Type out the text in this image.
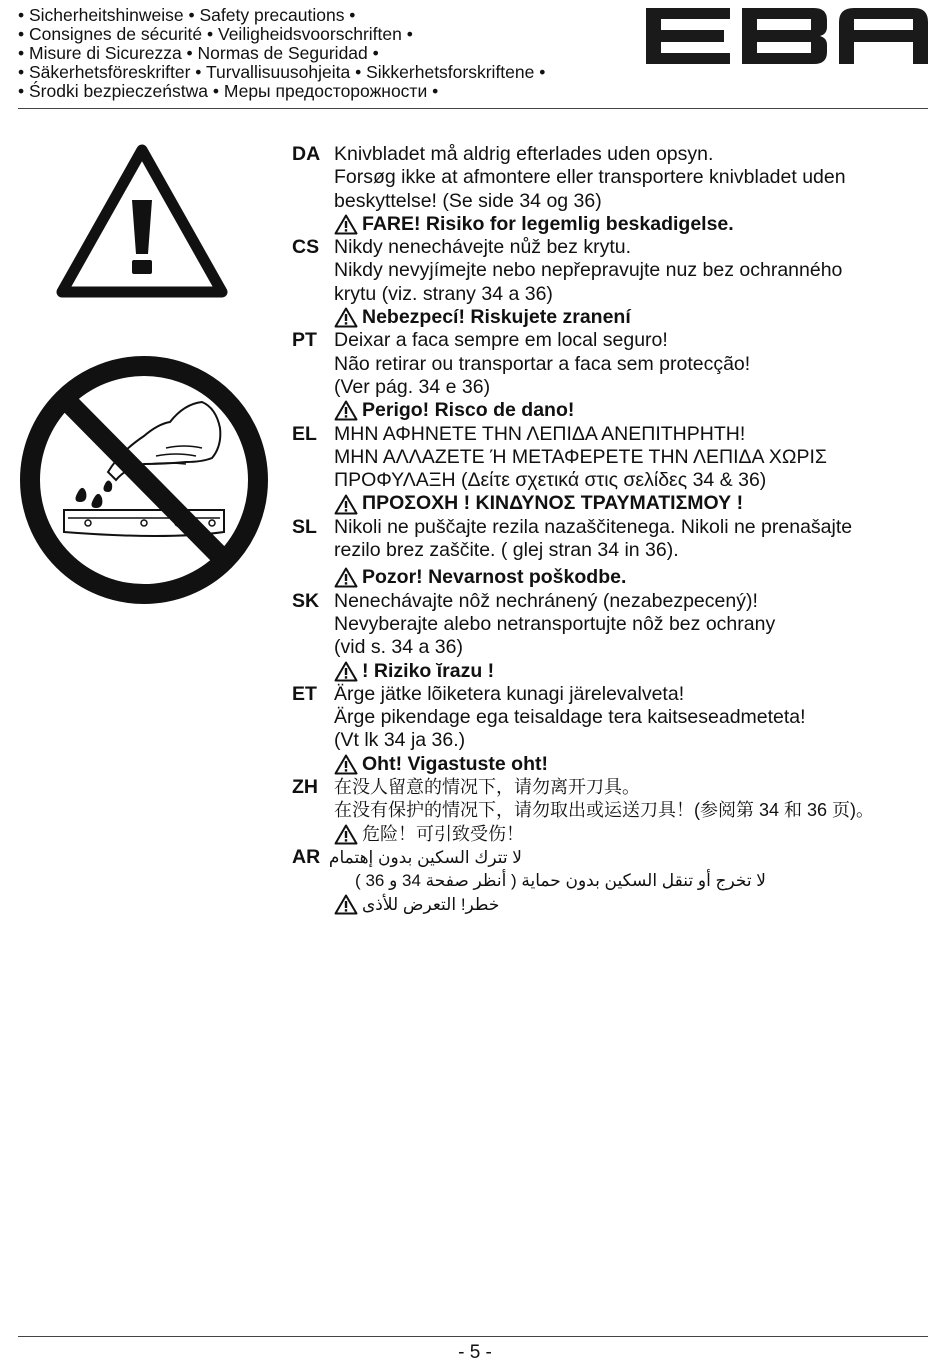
• Sicherheitshinweise • Safety precautions •
• Consignes de sécurité • Veiligheidsvoorschriften •
• Misure di Sicurezza • Normas de Seguridad •
• Säkerhetsföreskrifter • Turvallisuusohjeita • Sikkerhetsforskriftene •
• Środki bezpieczeństwa • Меры предосторожности •
DA Knivbladet må aldrig efterlades uden opsyn.
Forsøg ikke at afmontere eller transportere knivbladet uden
beskyttelse! (Se side 34 og 36)
FARE! Risiko for legemlig beskadigelse.
CS Nikdy nenechávejte nůž bez krytu.
Nikdy nevyjímejte nebo nepřepravujte nuz bez ochranného
krytu (viz. strany 34 a 36)
Nebezpecí! Riskujete zranení
PT Deixar a faca sempre em local seguro!
Não retirar ou transportar a faca sem protecção!
(Ver pág. 34 e 36)
Perigo! Risco de dano!
EL ΜΗΝ ΑΦΗΝΕΤΕ ΤΗΝ ΛΕΠΙΔΑ ΑΝΕΠΙΤΗΡΗΤΗ!
ΜΗΝ ΑΛΛΑΖΕΤΕ Ή ΜΕΤΑΦΕΡΕΤΕ ΤΗΝ ΛΕΠΙΔΑ ΧΩΡΙΣ
ΠΡΟΦΥΛΑΞΗ (Δείτε σχετικά στις σελίδες 34 & 36)
ΠΡΟΣΟΧΗ ! ΚΙΝΔΥΝΟΣ ΤΡΑΥΜΑΤΙΣΜΟΥ !
SL Nikoli ne puščajte rezila nazaščitenega. Nikoli ne prenašajte
rezilo brez zaščite. ( glej stran 34 in 36).
Pozor! Nevarnost poškodbe.
SK Nenechávajte nôž nechránený (nezabezpecený)!
Nevyberajte alebo netransportujte nôž bez ochrany
(vid s. 34 a 36)
! Riziko ῐrazu !
ET Ärge jätke lõiketera kunagi järelevalveta!
Ärge pikendage ega teisaldage tera kaitseseadmeteta!
(Vt lk 34 ja 36.)
Oht! Vigastuste oht!
ZH 在没人留意的情况下，请勿离开刀具。
在没有保护的情况下，请勿取出或运送刀具！(参阅第 34 和 36 页)。
危险！可引致受伤！
AR لا تترك السكين بدون إهتمام
لا تخرج أو تنقل السكين بدون حماية ( أنظر صفحة 34 و 36 )
خطر! التعرض للأذى
- 5 -
